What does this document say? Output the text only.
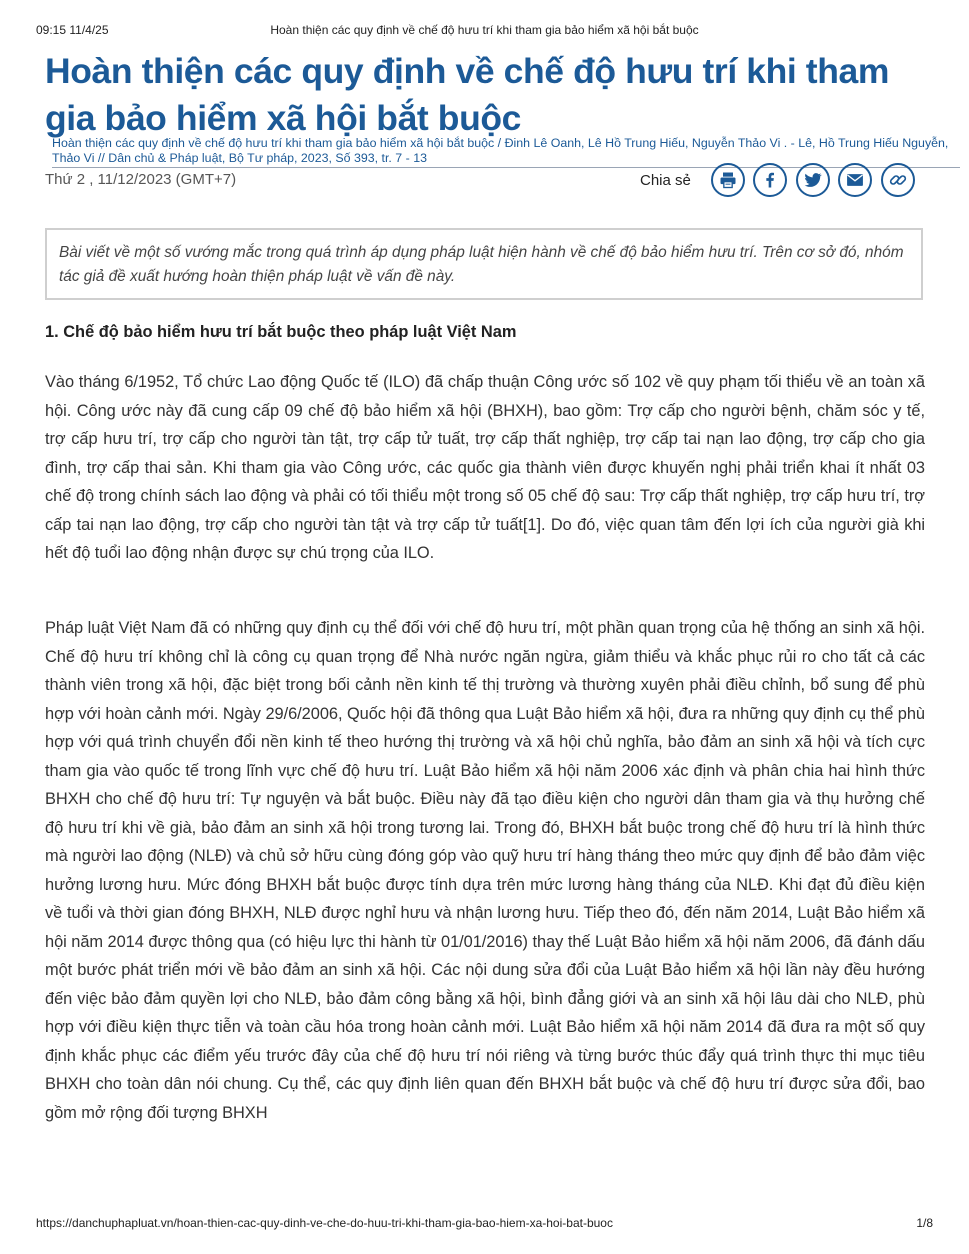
09:15 11/4/25	Hoàn thiện các quy định về chế độ hưu trí khi tham gia bảo hiểm xã hội bắt buộc
Hoàn thiện các quy định về chế độ hưu trí khi tham gia bảo hiểm xã hội bắt buộc
Hoàn thiện các quy định về chế độ hưu trí khi tham gia bảo hiểm xã hội bắt buộc / Đinh Lê Oanh, Lê Hồ Trung Hiếu, Nguyễn Thảo Vi . - Lê, Hồ Trung Hiếu Nguyễn, Thảo Vi // Dân chủ & Pháp luật, Bộ Tư pháp, 2023, Số 393, tr. 7 - 13
Thứ 2 , 11/12/2023 (GMT+7)	Chia sẻ
Bài viết về một số vướng mắc trong quá trình áp dụng pháp luật hiện hành về chế độ bảo hiểm hưu trí. Trên cơ sở đó, nhóm tác giả đề xuất hướng hoàn thiện pháp luật về vấn đề này.
1. Chế độ bảo hiểm hưu trí bắt buộc theo pháp luật Việt Nam

Vào tháng 6/1952, Tổ chức Lao động Quốc tế (ILO) đã chấp thuận Công ước số 102 về quy phạm tối thiểu về an toàn xã hội. Công ước này đã cung cấp 09 chế độ bảo hiểm xã hội (BHXH), bao gồm: Trợ cấp cho người bệnh, chăm sóc y tế, trợ cấp hưu trí, trợ cấp cho người tàn tật, trợ cấp tử tuất, trợ cấp thất nghiệp, trợ cấp tai nạn lao động, trợ cấp cho gia đình, trợ cấp thai sản. Khi tham gia vào Công ước, các quốc gia thành viên được khuyến nghị phải triển khai ít nhất 03 chế độ trong chính sách lao động và phải có tối thiểu một trong số 05 chế độ sau: Trợ cấp thất nghiệp, trợ cấp hưu trí, trợ cấp tai nạn lao động, trợ cấp cho người tàn tật và trợ cấp tử tuất[1]. Do đó, việc quan tâm đến lợi ích của người già khi hết độ tuổi lao động nhận được sự chú trọng của ILO.

Pháp luật Việt Nam đã có những quy định cụ thể đối với chế độ hưu trí, một phần quan trọng của hệ thống an sinh xã hội. Chế độ hưu trí không chỉ là công cụ quan trọng để Nhà nước ngăn ngừa, giảm thiểu và khắc phục rủi ro cho tất cả các thành viên trong xã hội, đặc biệt trong bối cảnh nền kinh tế thị trường và thường xuyên phải điều chỉnh, bổ sung để phù hợp với hoàn cảnh mới. Ngày 29/6/2006, Quốc hội đã thông qua Luật Bảo hiểm xã hội, đưa ra những quy định cụ thể phù hợp với quá trình chuyển đổi nền kinh tế theo hướng thị trường và xã hội chủ nghĩa, bảo đảm an sinh xã hội và tích cực tham gia vào quốc tế trong lĩnh vực chế độ hưu trí. Luật Bảo hiểm xã hội năm 2006 xác định và phân chia hai hình thức BHXH cho chế độ hưu trí: Tự nguyện và bắt buộc. Điều này đã tạo điều kiện cho người dân tham gia và thụ hưởng chế độ hưu trí khi về già, bảo đảm an sinh xã hội trong tương lai. Trong đó, BHXH bắt buộc trong chế độ hưu trí là hình thức mà người lao động (NLĐ) và chủ sở hữu cùng đóng góp vào quỹ hưu trí hàng tháng theo mức quy định để bảo đảm việc hưởng lương hưu. Mức đóng BHXH bắt buộc được tính dựa trên mức lương hàng tháng của NLĐ. Khi đạt đủ điều kiện về tuổi và thời gian đóng BHXH, NLĐ được nghỉ hưu và nhận lương hưu. Tiếp theo đó, đến năm 2014, Luật Bảo hiểm xã hội năm 2014 được thông qua (có hiệu lực thi hành từ 01/01/2016) thay thế Luật Bảo hiểm xã hội năm 2006, đã đánh dấu một bước phát triển mới về bảo đảm an sinh xã hội. Các nội dung sửa đổi của Luật Bảo hiểm xã hội lần này đều hướng đến việc bảo đảm quyền lợi cho NLĐ, bảo đảm công bằng xã hội, bình đẳng giới và an sinh xã hội lâu dài cho NLĐ, phù hợp với điều kiện thực tiễn và toàn cầu hóa trong hoàn cảnh mới. Luật Bảo hiểm xã hội năm 2014 đã đưa ra một số quy định khắc phục các điểm yếu trước đây của chế độ hưu trí nói riêng và từng bước thúc đẩy quá trình thực thi mục tiêu BHXH cho toàn dân nói chung. Cụ thể, các quy định liên quan đến BHXH bắt buộc và chế độ hưu trí được sửa đổi, bao gồm mở rộng đối tượng BHXH

https://danchuphapluat.vn/hoan-thien-cac-quy-dinh-ve-che-do-huu-tri-khi-tham-gia-bao-hiem-xa-hoi-bat-buoc	1/8
